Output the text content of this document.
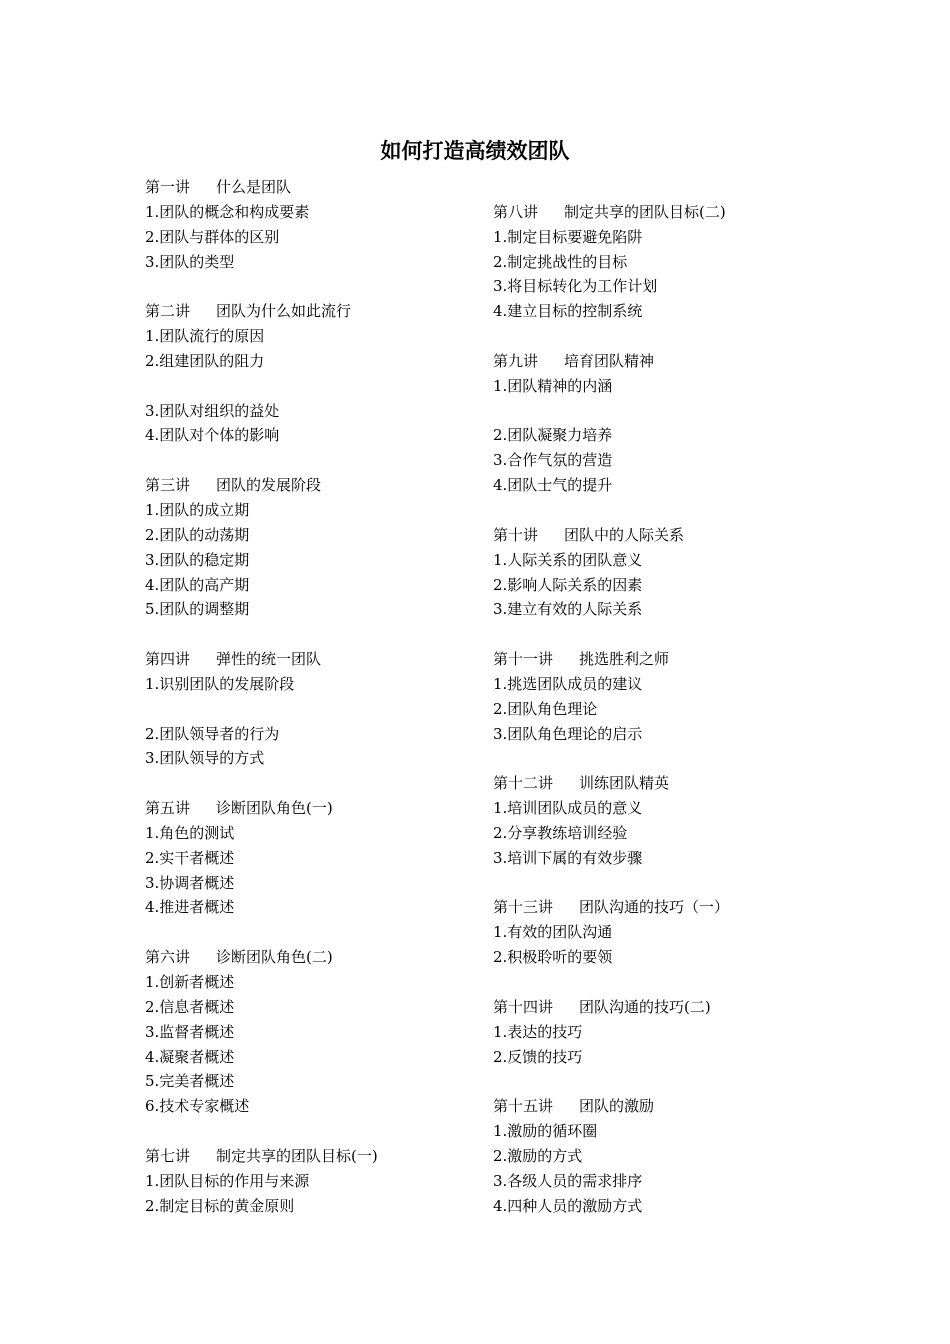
如何打造高绩效团队
第一讲 什么是团队
1.团队的概念和构成要素
2.团队与群体的区别
3.团队的类型
第二讲 团队为什么如此流行
1.团队流行的原因
2.组建团队的阻力
3.团队对组织的益处
4.团队对个体的影响
第三讲 团队的发展阶段
1.团队的成立期
2.团队的动荡期
3.团队的稳定期
4.团队的高产期
5.团队的调整期
第四讲 弹性的统一团队
1.识别团队的发展阶段
2.团队领导者的行为
3.团队领导的方式
第五讲 诊断团队角色(一)
1.角色的测试
2.实干者概述
3.协调者概述
4.推进者概述
第六讲 诊断团队角色(二)
1.创新者概述
2.信息者概述
3.监督者概述
4.凝聚者概述
5.完美者概述
6.技术专家概述
第七讲 制定共享的团队目标(一)
1.团队目标的作用与来源
2.制定目标的黄金原则
第八讲 制定共享的团队目标(二)
1.制定目标要避免陷阱
2.制定挑战性的目标
3.将目标转化为工作计划
4.建立目标的控制系统
第九讲 培育团队精神
1.团队精神的内涵
2.团队凝聚力培养
3.合作气氛的营造
4.团队士气的提升
第十讲 团队中的人际关系
1.人际关系的团队意义
2.影响人际关系的因素
3.建立有效的人际关系
第十一讲 挑选胜利之师
1.挑选团队成员的建议
2.团队角色理论
3.团队角色理论的启示
第十二讲 训练团队精英
1.培训团队成员的意义
2.分享教练培训经验
3.培训下属的有效步骤
第十三讲 团队沟通的技巧（一）
1.有效的团队沟通
2.积极聆听的要领
第十四讲 团队沟通的技巧(二)
1.表达的技巧
2.反馈的技巧
第十五讲 团队的激励
1.激励的循环圈
2.激励的方式
3.各级人员的需求排序
4.四种人员的激励方式
